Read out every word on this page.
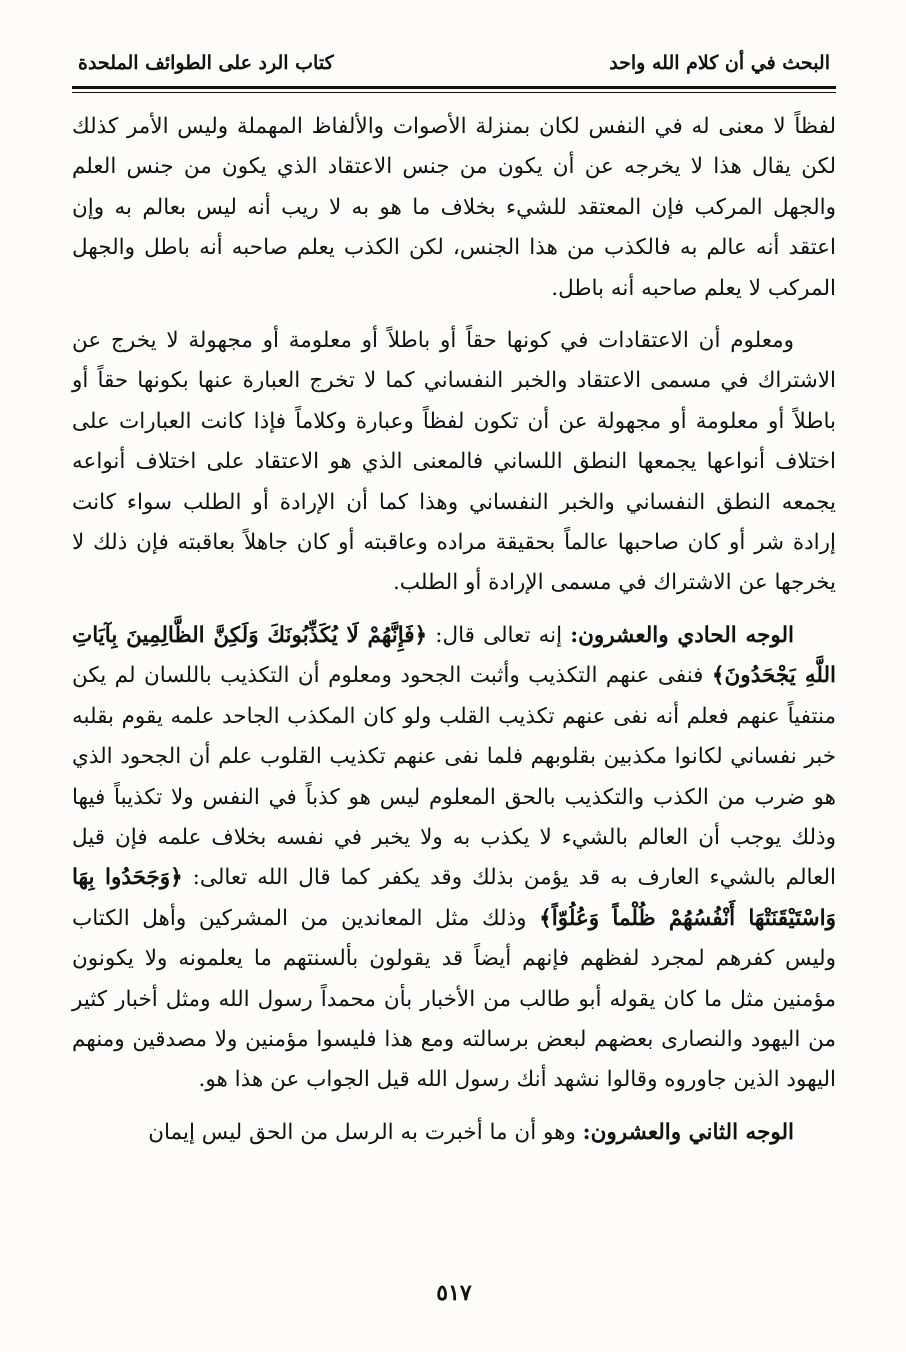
البحث في أن كلام الله واحد
كتاب الرد على الطوائف الملحدة

لفظاً لا معنى له في النفس لكان بمنزلة الأصوات والألفاظ المهملة وليس الأمر كذلك لكن يقال هذا لا يخرجه عن أن يكون من جنس الاعتقاد الذي يكون من جنس العلم والجهل المركب فإن المعتقد للشيء بخلاف ما هو به لا ريب أنه ليس بعالم به وإن اعتقد أنه عالم به فالكذب من هذا الجنس، لكن الكذب يعلم صاحبه أنه باطل والجهل المركب لا يعلم صاحبه أنه باطل.

ومعلوم أن الاعتقادات في كونها حقاً أو باطلاً أو معلومة أو مجهولة لا يخرج عن الاشتراك في مسمى الاعتقاد والخبر النفساني كما لا تخرج العبارة عنها بكونها حقاً أو باطلاً أو معلومة أو مجهولة عن أن تكون لفظاً وعبارة وكلاماً فإذا كانت العبارات على اختلاف أنواعها يجمعها النطق اللساني فالمعنى الذي هو الاعتقاد على اختلاف أنواعه يجمعه النطق النفساني والخبر النفساني وهذا كما أن الإرادة أو الطلب سواء كانت إرادة شر أو كان صاحبها عالماً بحقيقة مراده وعاقبته أو كان جاهلاً بعاقبته فإن ذلك لا يخرجها عن الاشتراك في مسمى الإرادة أو الطلب.

الوجه الحادي والعشرون: إنه تعالى قال: ﴿فَإِنَّهُمْ لَا يُكَذِّبُونَكَ وَلَكِنَّ الظَّالِمِينَ بِآيَاتِ اللَّهِ يَجْحَدُونَ﴾ فنفى عنهم التكذيب وأثبت الجحود ومعلوم أن التكذيب باللسان لم يكن منتفياً عنهم فعلم أنه نفى عنهم تكذيب القلب ولو كان المكذب الجاحد علمه يقوم بقلبه خبر نفساني لكانوا مكذبين بقلوبهم فلما نفى عنهم تكذيب القلوب علم أن الجحود الذي هو ضرب من الكذب والتكذيب بالحق المعلوم ليس هو كذباً في النفس ولا تكذيباً فيها وذلك يوجب أن العالم بالشيء لا يكذب به ولا يخبر في نفسه بخلاف علمه فإن قيل العالم بالشيء العارف به قد يؤمن بذلك وقد يكفر كما قال الله تعالى: ﴿وَجَحَدُوا بِهَا وَاسْتَيْقَنَتْهَا أَنْفُسُهُمْ ظُلْماً وَعُلُوّاً﴾ وذلك مثل المعاندين من المشركين وأهل الكتاب وليس كفرهم لمجرد لفظهم فإنهم أيضاً قد يقولون بألسنتهم ما يعلمونه ولا يكونون مؤمنين مثل ما كان يقوله أبو طالب من الأخبار بأن محمداً رسول الله ومثل أخبار كثير من اليهود والنصارى بعضهم لبعض برسالته ومع هذا فليسوا مؤمنين ولا مصدقين ومنهم اليهود الذين جاوروه وقالوا نشهد أنك رسول الله قيل الجواب عن هذا هو.

الوجه الثاني والعشرون: وهو أن ما أخبرت به الرسل من الحق ليس إيمان

٥١٧
